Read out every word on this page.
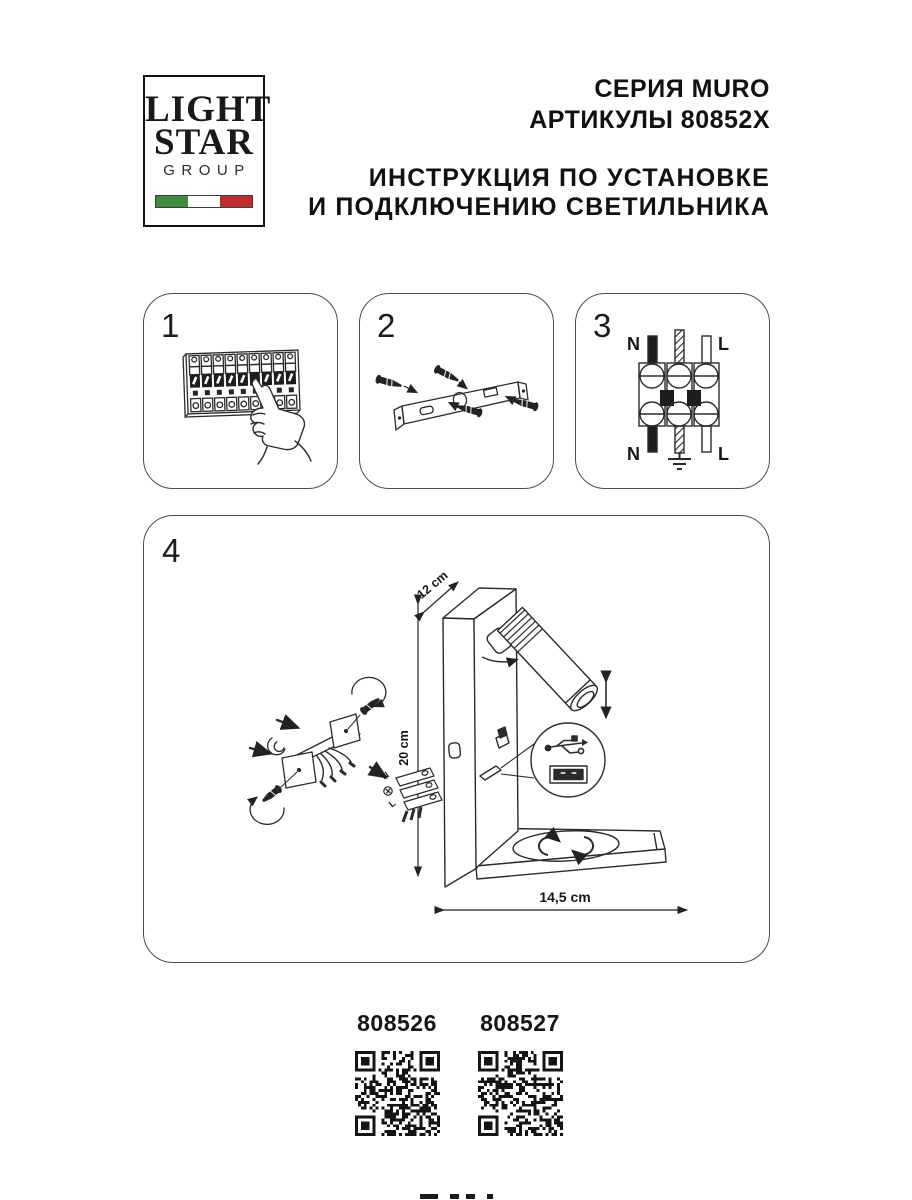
LIGHT
STAR
GROUP
СЕРИЯ MURO
АРТИКУЛЫ 80852X
ИНСТРУКЦИЯ ПО УСТАНОВКЕ
И ПОДКЛЮЧЕНИЮ СВЕТИЛЬНИКА
1	2	3 N	L
N	L
4
12 cm
20 cm
14,5 cm
N
L
808526 808527
